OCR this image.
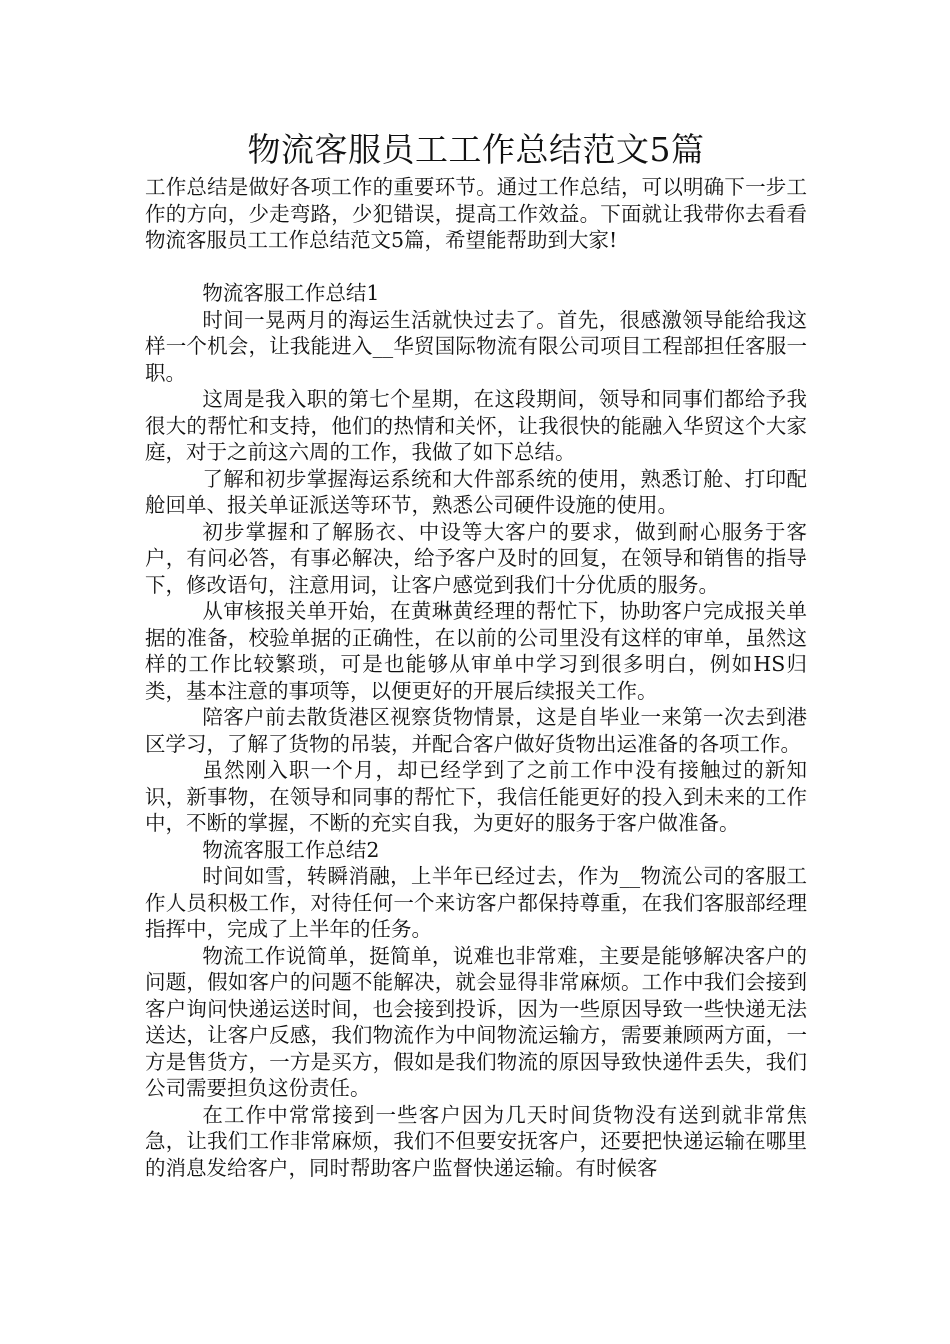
物流客服员工工作总结范文5篇

工作总结是做好各项工作的重要环节。通过工作总结，可以明确下一步工作的方向，少走弯路，少犯错误，提高工作效益。下面就让我带你去看看物流客服员工工作总结范文5篇，希望能帮助到大家!

物流客服工作总结1

时间一晃两月的海运生活就快过去了。首先，很感激领导能给我这样一个机会，让我能进入__华贸国际物流有限公司项目工程部担任客服一职。

这周是我入职的第七个星期，在这段期间，领导和同事们都给予我很大的帮忙和支持，他们的热情和关怀，让我很快的能融入华贸这个大家庭，对于之前这六周的工作，我做了如下总结。

了解和初步掌握海运系统和大件部系统的使用，熟悉订舱、打印配舱回单、报关单证派送等环节，熟悉公司硬件设施的使用。

初步掌握和了解肠衣、中设等大客户的要求，做到耐心服务于客户，有问必答，有事必解决，给予客户及时的回复，在领导和销售的指导下，修改语句，注意用词，让客户感觉到我们十分优质的服务。

从审核报关单开始，在黄琳黄经理的帮忙下，协助客户完成报关单据的准备，校验单据的正确性，在以前的公司里没有这样的审单，虽然这样的工作比较繁琐，可是也能够从审单中学习到很多明白，例如HS归类，基本注意的事项等，以便更好的开展后续报关工作。

陪客户前去散货港区视察货物情景，这是自毕业一来第一次去到港区学习，了解了货物的吊装，并配合客户做好货物出运准备的各项工作。

虽然刚入职一个月，却已经学到了之前工作中没有接触过的新知识，新事物，在领导和同事的帮忙下，我信任能更好的投入到未来的工作中，不断的掌握，不断的充实自我，为更好的服务于客户做准备。

物流客服工作总结2

时间如雪，转瞬消融，上半年已经过去，作为__物流公司的客服工作人员积极工作，对待任何一个来访客户都保持尊重，在我们客服部经理指挥中，完成了上半年的任务。

物流工作说简单，挺简单，说难也非常难，主要是能够解决客户的问题，假如客户的问题不能解决，就会显得非常麻烦。工作中我们会接到客户询问快递运送时间，也会接到投诉，因为一些原因导致一些快递无法送达，让客户反感，我们物流作为中间物流运输方，需要兼顾两方面，一方是售货方，一方是买方，假如是我们物流的原因导致快递件丢失，我们公司需要担负这份责任。

在工作中常常接到一些客户因为几天时间货物没有送到就非常焦急，让我们工作非常麻烦，我们不但要安抚客户，还要把快递运输在哪里的消息发给客户，同时帮助客户监督快递运输。有时候客
